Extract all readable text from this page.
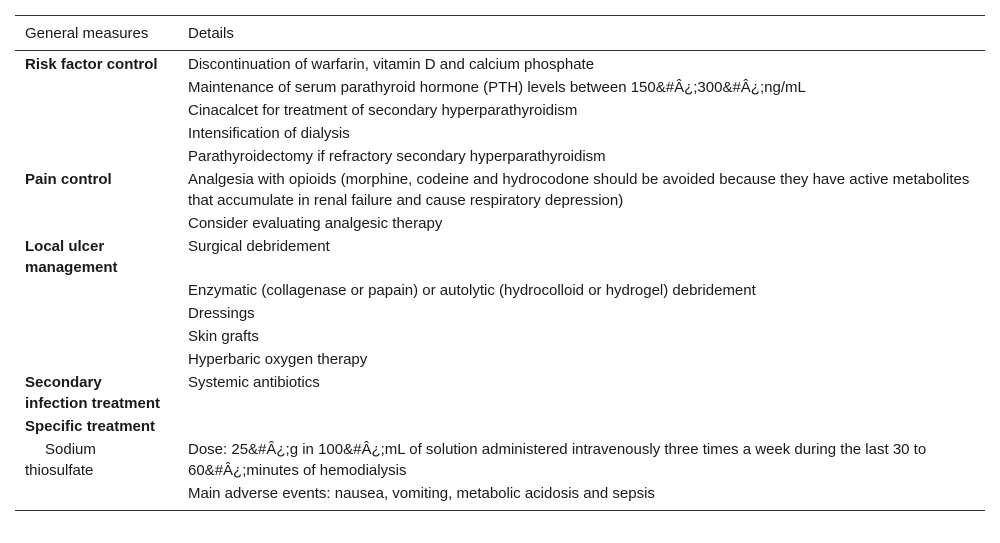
General measures	Details
Risk factor control	Discontinuation of warfarin, vitamin D and calcium phosphate
	Maintenance of serum parathyroid hormone (PTH) levels between 150&#Â¿;300&#Â¿;ng/mL
	Cinacalcet for treatment of secondary hyperparathyroidism
	Intensification of dialysis
	Parathyroidectomy if refractory secondary hyperparathyroidism
Pain control	Analgesia with opioids (morphine, codeine and hydrocodone should be avoided because they have active metabolites that accumulate in renal failure and cause respiratory depression)
	Consider evaluating analgesic therapy
Local ulcer management	Surgical debridement
	Enzymatic (collagenase or papain) or autolytic (hydrocolloid or hydrogel) debridement
	Dressings
	Skin grafts
	Hyperbaric oxygen therapy
Secondary infection treatment	Systemic antibiotics
Specific treatment	
Sodium thiosulfate	Dose: 25&#Â¿;g in 100&#Â¿;mL of solution administered intravenously three times a week during the last 30 to 60&#Â¿;minutes of hemodialysis
	Main adverse events: nausea, vomiting, metabolic acidosis and sepsis
